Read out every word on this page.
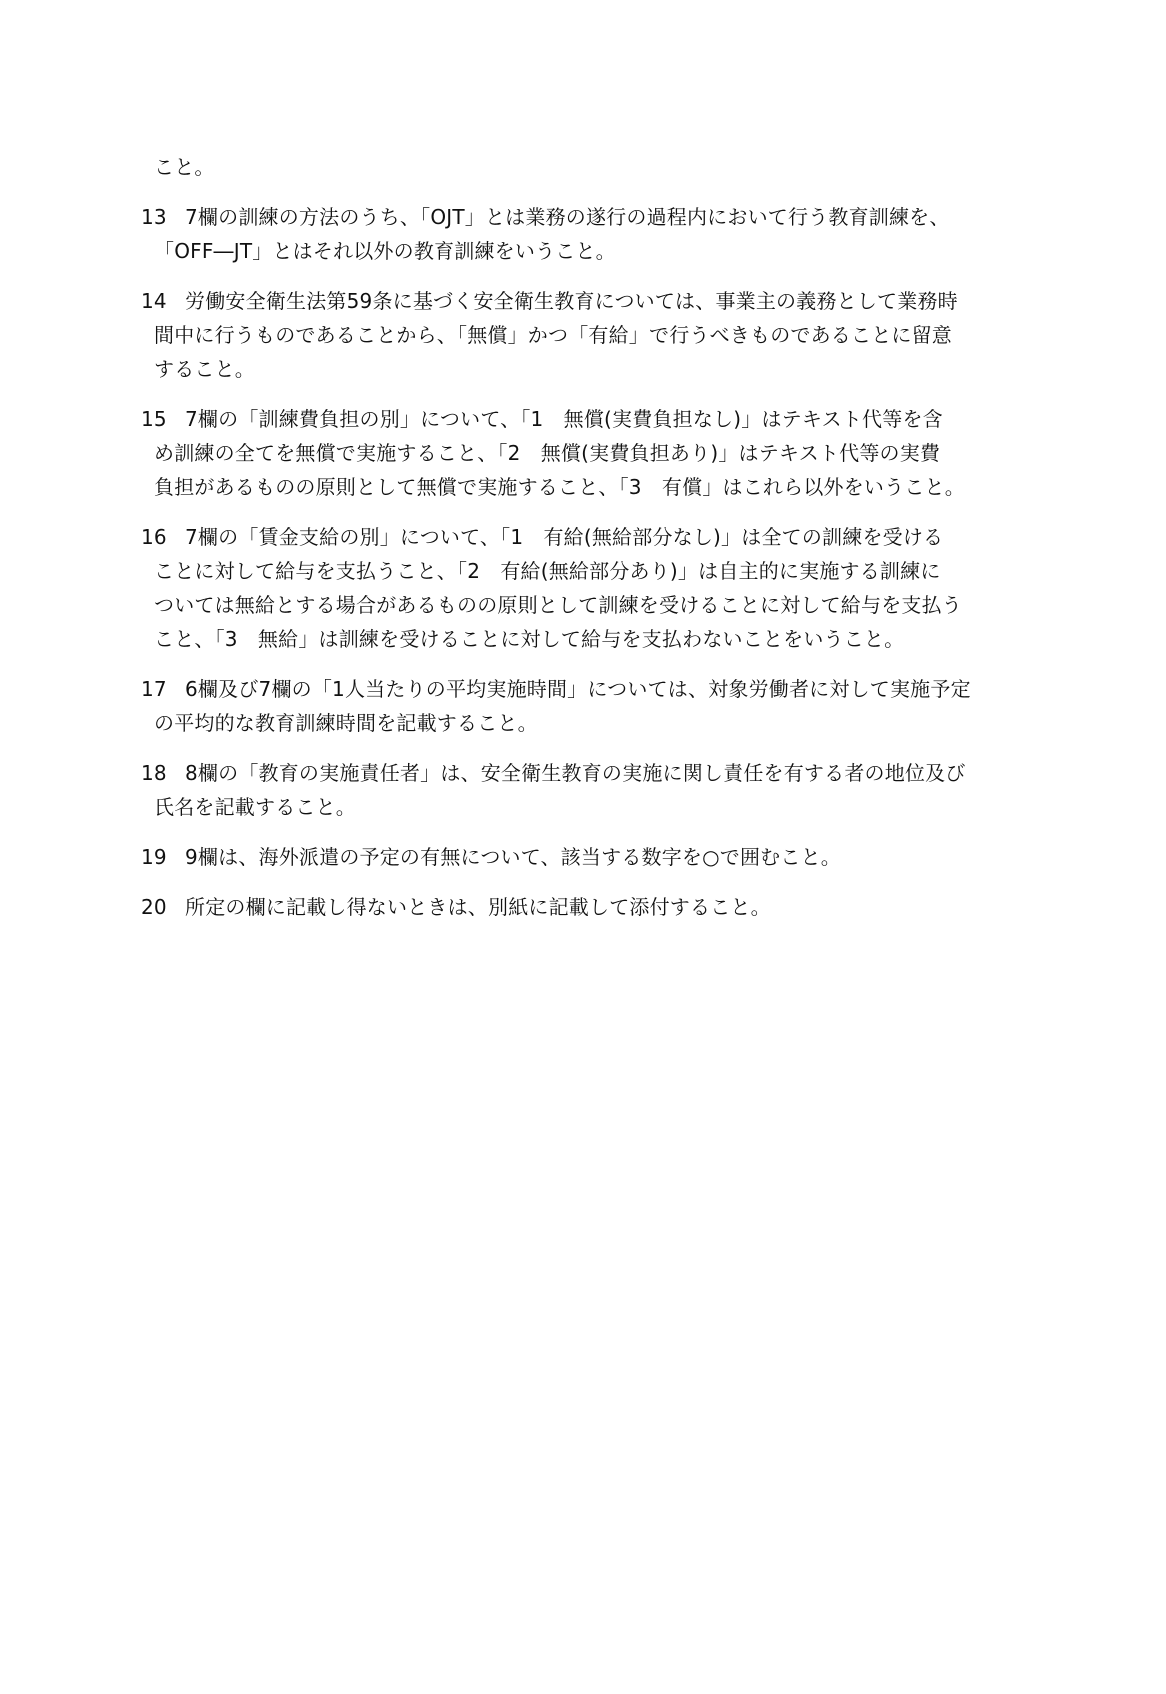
こと。
13 7欄の訓練の方法のうち、「OJT」とは業務の遂行の過程内において行う教育訓練を、
「OFF―JT」とはそれ以外の教育訓練をいうこと。
14 労働安全衛生法第59条に基づく安全衛生教育については、事業主の義務として業務時
間中に行うものであることから、「無償」かつ「有給」で行うべきものであることに留意
すること。
15 7欄の「訓練費負担の別」について、「1　無償(実費負担なし)」はテキスト代等を含
め訓練の全てを無償で実施すること、「2　無償(実費負担あり)」はテキスト代等の実費
負担があるものの原則として無償で実施すること、「3　有償」はこれら以外をいうこと。
16 7欄の「賃金支給の別」について、「1　有給(無給部分なし)」は全ての訓練を受ける
ことに対して給与を支払うこと、「2　有給(無給部分あり)」は自主的に実施する訓練に
ついては無給とする場合があるものの原則として訓練を受けることに対して給与を支払う
こと、「3　無給」は訓練を受けることに対して給与を支払わないことをいうこと。
17 6欄及び7欄の「1人当たりの平均実施時間」については、対象労働者に対して実施予定
の平均的な教育訓練時間を記載すること。
18 8欄の「教育の実施責任者」は、安全衛生教育の実施に関し責任を有する者の地位及び
氏名を記載すること。
19 9欄は、海外派遣の予定の有無について、該当する数字を○で囲むこと。
20 所定の欄に記載し得ないときは、別紙に記載して添付すること。
